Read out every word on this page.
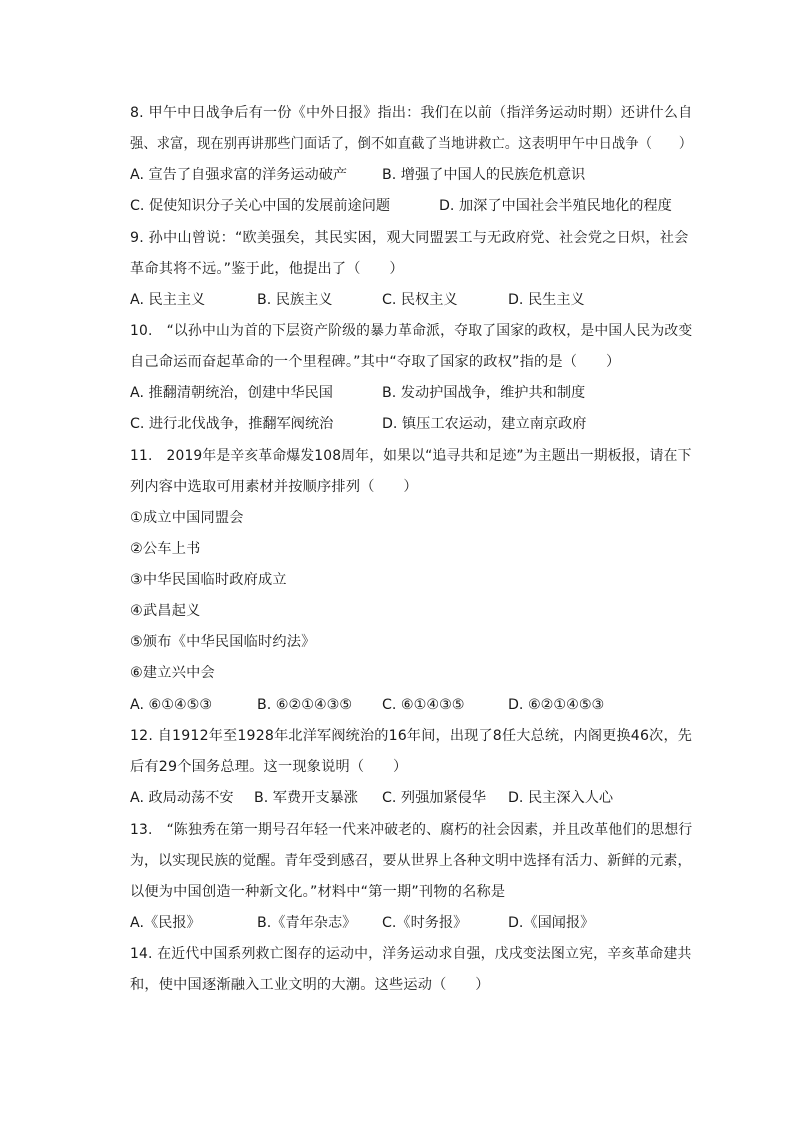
8. 甲午中日战争后有一份《中外日报》指出：我们在以前（指洋务运动时期）还讲什么自
强、求富，现在别再讲那些门面话了，倒不如直截了当地讲救亡。这表明甲午中日战争（　　）
A. 宣告了自强求富的洋务运动破产 B. 增强了中国人的民族危机意识
C. 促使知识分子关心中国的发展前途问题	D. 加深了中国社会半殖民地化的程度
9. 孙中山曾说：“欧美强矣，其民实困，观大同盟罢工与无政府党、社会党之日炽，社会
革命其将不远。”鉴于此，他提出了（　　）
A. 民主主义	B. 民族主义	C. 民权主义	D. 民生主义
10.　“以孙中山为首的下层资产阶级的暴力革命派，夺取了国家的政权，是中国人民为改变
自己命运而奋起革命的一个里程碑。”其中“夺取了国家的政权”指的是（　　）
A. 推翻清朝统治，创建中华民国	B. 发动护国战争，维护共和制度
C. 进行北伐战争，推翻军阀统治	D. 镇压工农运动，建立南京政府
11.　2019年是辛亥革命爆发108周年，如果以“追寻共和足迹”为主题出一期板报，请在下
列内容中选取可用素材并按顺序排列（　　）
①成立中国同盟会
②公车上书
③中华民国临时政府成立
④武昌起义
⑤颁布《中华民国临时约法》
⑥建立兴中会
A. ⑥①④⑤③	B. ⑥②①④③⑤ C. ⑥①④③⑤	D. ⑥②①④⑤③
12. 自1912年至1928年北洋军阀统治的16年间，出现了8任大总统，内阁更换46次，先
后有29个国务总理。这一现象说明（　　）
A. 政局动荡不安 B. 军费开支暴涨 C. 列强加紧侵华 D. 民主深入人心
13.　“陈独秀在第一期号召年轻一代来冲破老的、腐朽的社会因素，并且改革他们的思想行
为，以实现民族的觉醒。青年受到感召，要从世界上各种文明中选择有活力、新鲜的元素，
以便为中国创造一种新文化。”材料中“第一期”刊物的名称是
A.《民报》	B.《青年杂志》 C.《时务报》	D.《国闻报》
14. 在近代中国系列救亡图存的运动中，洋务运动求自强，戊戌变法图立宪，辛亥革命建共
和，使中国逐渐融入工业文明的大潮。这些运动（　　）
